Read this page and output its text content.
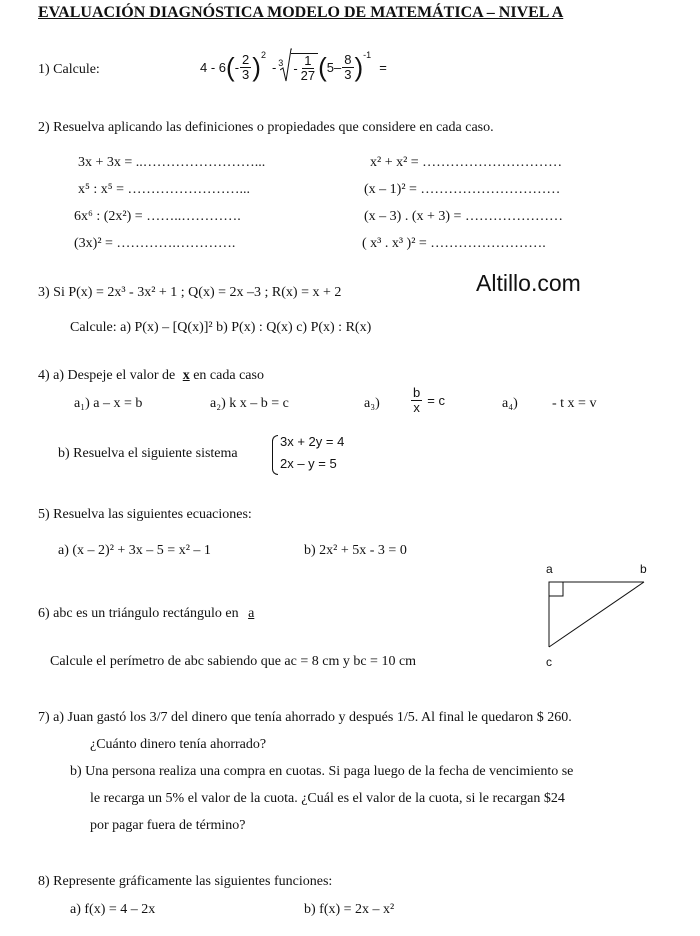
EVALUACIÓN DIAGNÓSTICA MODELO DE MATEMÁTICA – NIVEL A
Altillo.com
1) Calcule:	4 - 6 ( - $\frac{2}{3} )^2$
$-^3 - \frac{1}{27}$ ( $5 - \frac{8}{3} )^{-1}$
=
2) Resuelva aplicando las definiciones o propiedades que considere en cada caso.
3x + 3x = ..……………………...	x² + x² = …………………………
x⁵ : x⁵ = ……………………...	(x – 1)² = …………………………
6x⁶ : (2x²) = ……..………….	(x – 3) . (x + 3) = …………………
(3x)² = ………….………….	( x³ . x³ )² = …………………….
3) Si P(x) = 2x³ - 3x² + 1 ; Q(x) = 2x –3 ; R(x) = x + 2
Calcule: a) P(x) – [Q(x)]² b) P(x) : Q(x) c) P(x) : R(x)
4) a) Despeje el valor de x en cada caso
a₁) a – x = b	a₂) k x – b = c	$a_3) \frac{b}{x} = c$	a₄) - t x = v
b) Resuelva el siguiente sistema
3x + 2y = 4
2x – y = 5
5) Resuelva las siguientes ecuaciones:
a) (x – 2)² + 3x – 5 = x² – 1	b) 2x² + 5x - 3 = 0
6) abc es un triángulo rectángulo en a
Calcule el perímetro de abc sabiendo que ac = 8 cm y bc = 10 cm
a	b
c
7) a) Juan gastó los 3/7 del dinero que tenía ahorrado y después 1/5. Al final le quedaron $ 260.
¿Cuánto dinero tenía ahorrado?
b) Una persona realiza una compra en cuotas. Si paga luego de la fecha de vencimiento se
le recarga un 5% el valor de la cuota. ¿Cuál es el valor de la cuota, si le recargan $24
por pagar fuera de término?
8) Represente gráficamente las siguientes funciones:
a) f(x) = 4 – 2x	b) f(x) = 2x – x²
